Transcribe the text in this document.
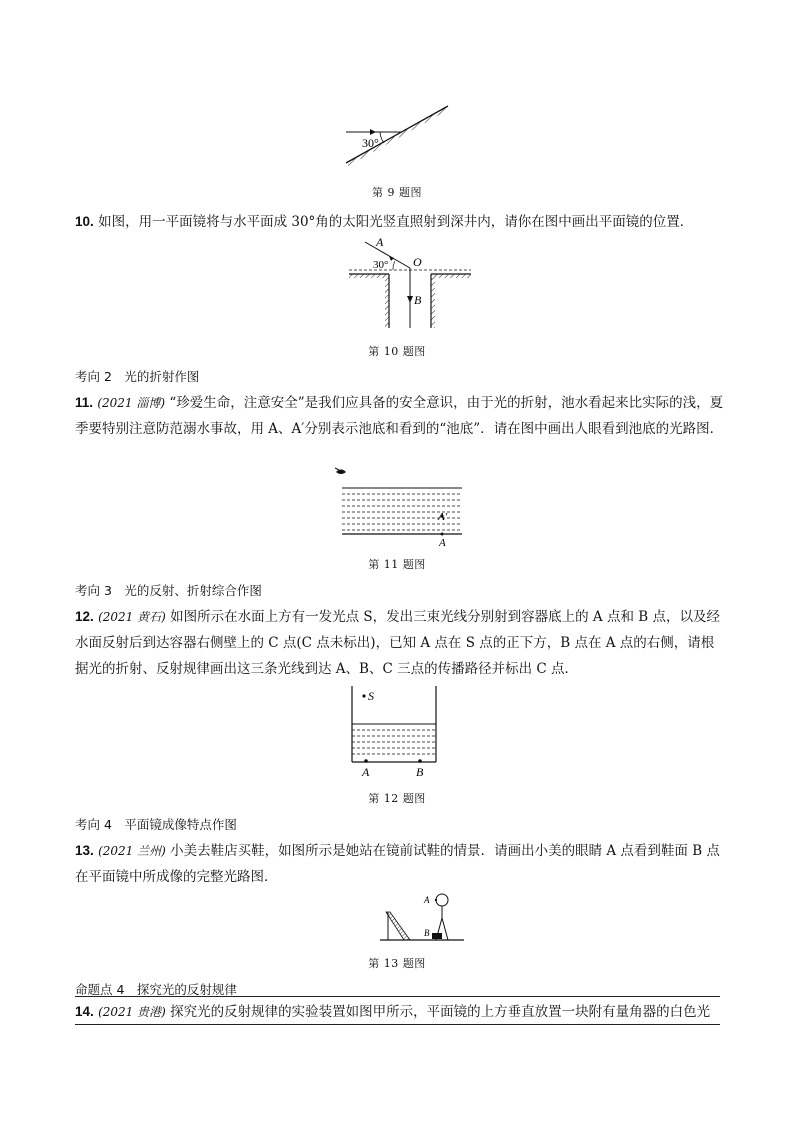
30°
第 9 题图
10. 如图，用一平面镜将与水平面成 30°角的太阳光竖直照射到深井内，请你在图中画出平面镜的位置．
A
O
B
30°
第 10 题图
考向 2　光的折射作图
11. (2021 淄博) “珍爱生命，注意安全”是我们应具备的安全意识，由于光的折射，池水看起来比实际的浅，夏季要特别注意防范溺水事故，用 A、A′分别表示池底和看到的“池底”．请在图中画出人眼看到池底的光路图．
A′
A
第 11 题图
考向 3　光的反射、折射综合作图
12. (2021 黄石) 如图所示在水面上方有一发光点 S，发出三束光线分别射到容器底上的 A 点和 B 点，以及经水面反射后到达容器右侧壁上的 C 点(C 点未标出)，已知 A 点在 S 点的正下方，B 点在 A 点的右侧，请根据光的折射、反射规律画出这三条光线到达 A、B、C 三点的传播路径并标出 C 点．
S
A	B
第 12 题图
考向 4　平面镜成像特点作图
13. (2021 兰州) 小美去鞋店买鞋，如图所示是她站在镜前试鞋的情景．请画出小美的眼睛 A 点看到鞋面 B 点在平面镜中所成像的完整光路图．
A
B
第 13 题图
命题点 4　探究光的反射规律
14. (2021 贵港) 探究光的反射规律的实验装置如图甲所示，平面镜的上方垂直放置一块附有量角器的白色光
